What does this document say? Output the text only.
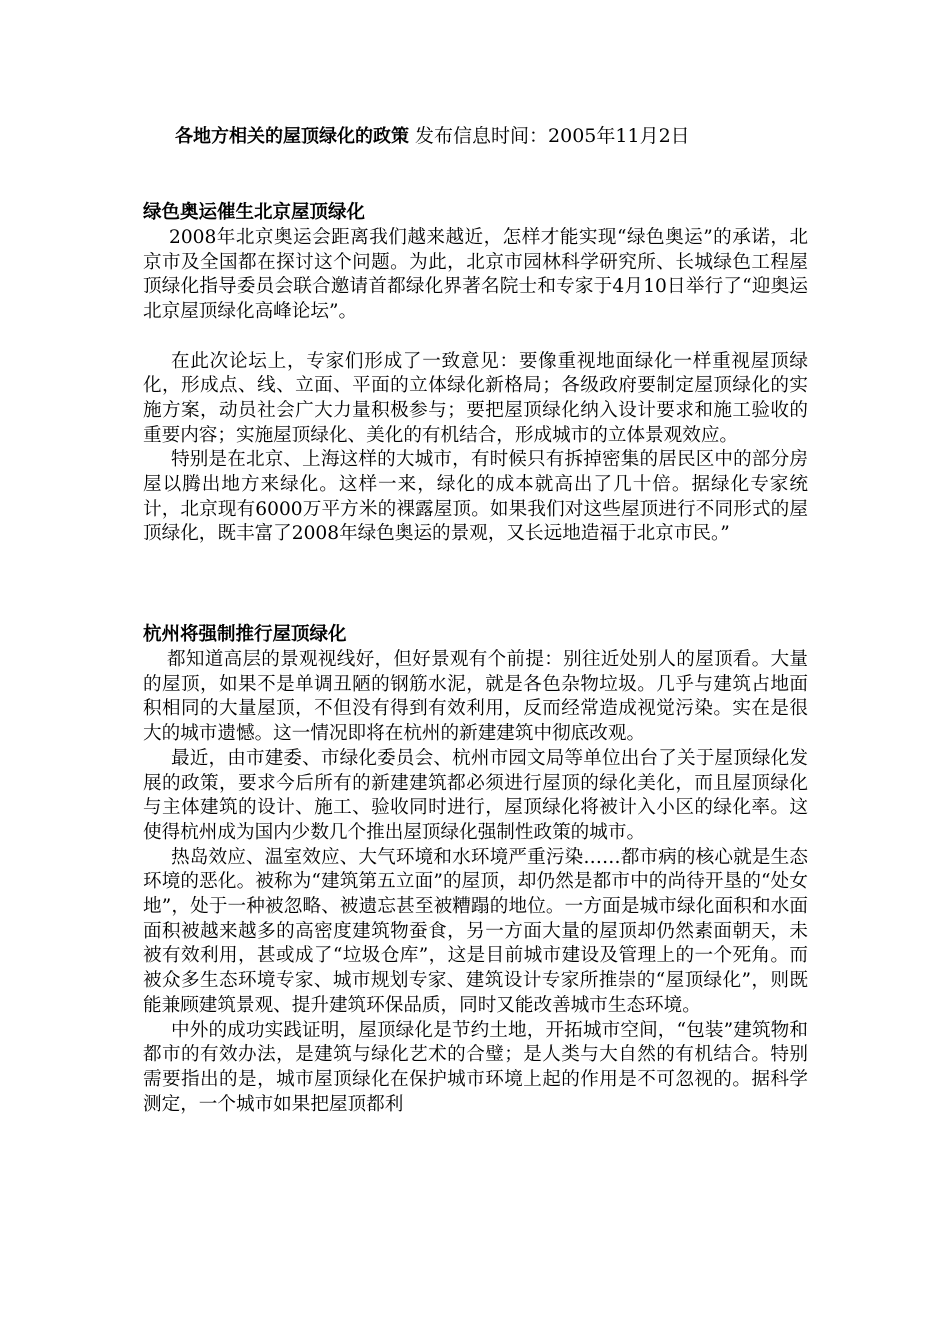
各地方相关的屋顶绿化的政策 发布信息时间：2005年11月2日
绿色奥运催生北京屋顶绿化

2008年北京奥运会距离我们越来越近，怎样才能实现“绿色奥运”的承诺，北京市及全国都在探讨这个问题。为此，北京市园林科学研究所、长城绿色工程屋顶绿化指导委员会联合邀请首都绿化界著名院士和专家于4月10日举行了“迎奥运北京屋顶绿化高峰论坛”。

在此次论坛上，专家们形成了一致意见：要像重视地面绿化一样重视屋顶绿化，形成点、线、立面、平面的立体绿化新格局；各级政府要制定屋顶绿化的实施方案，动员社会广大力量积极参与；要把屋顶绿化纳入设计要求和施工验收的重要内容；实施屋顶绿化、美化的有机结合，形成城市的立体景观效应。

特别是在北京、上海这样的大城市，有时候只有拆掉密集的居民区中的部分房屋以腾出地方来绿化。这样一来，绿化的成本就高出了几十倍。据绿化专家统计，北京现有6000万平方米的裸露屋顶。如果我们对这些屋顶进行不同形式的屋顶绿化，既丰富了2008年绿色奥运的景观，又长远地造福于北京市民。”

杭州将强制推行屋顶绿化

都知道高层的景观视线好，但好景观有个前提：别往近处别人的屋顶看。大量的屋顶，如果不是单调丑陋的钢筋水泥，就是各色杂物垃圾。几乎与建筑占地面积相同的大量屋顶，不但没有得到有效利用，反而经常造成视觉污染。实在是很大的城市遗憾。这一情况即将在杭州的新建建筑中彻底改观。

最近，由市建委、市绿化委员会、杭州市园文局等单位出台了关于屋顶绿化发展的政策，要求今后所有的新建建筑都必须进行屋顶的绿化美化，而且屋顶绿化与主体建筑的设计、施工、验收同时进行，屋顶绿化将被计入小区的绿化率。这使得杭州成为国内少数几个推出屋顶绿化强制性政策的城市。

热岛效应、温室效应、大气环境和水环境严重污染……都市病的核心就是生态环境的恶化。被称为“建筑第五立面”的屋顶，却仍然是都市中的尚待开垦的“处女地”，处于一种被忽略、被遗忘甚至被糟蹋的地位。一方面是城市绿化面积和水面面积被越来越多的高密度建筑物蚕食，另一方面大量的屋顶却仍然素面朝天，未被有效利用，甚或成了“垃圾仓库”，这是目前城市建设及管理上的一个死角。而被众多生态环境专家、城市规划专家、建筑设计专家所推崇的“屋顶绿化”，则既能兼顾建筑景观、提升建筑环保品质，同时又能改善城市生态环境。

中外的成功实践证明，屋顶绿化是节约土地，开拓城市空间，“包装”建筑物和都市的有效办法，是建筑与绿化艺术的合璧；是人类与大自然的有机结合。特别需要指出的是，城市屋顶绿化在保护城市环境上起的作用是不可忽视的。据科学测定，一个城市如果把屋顶都利
